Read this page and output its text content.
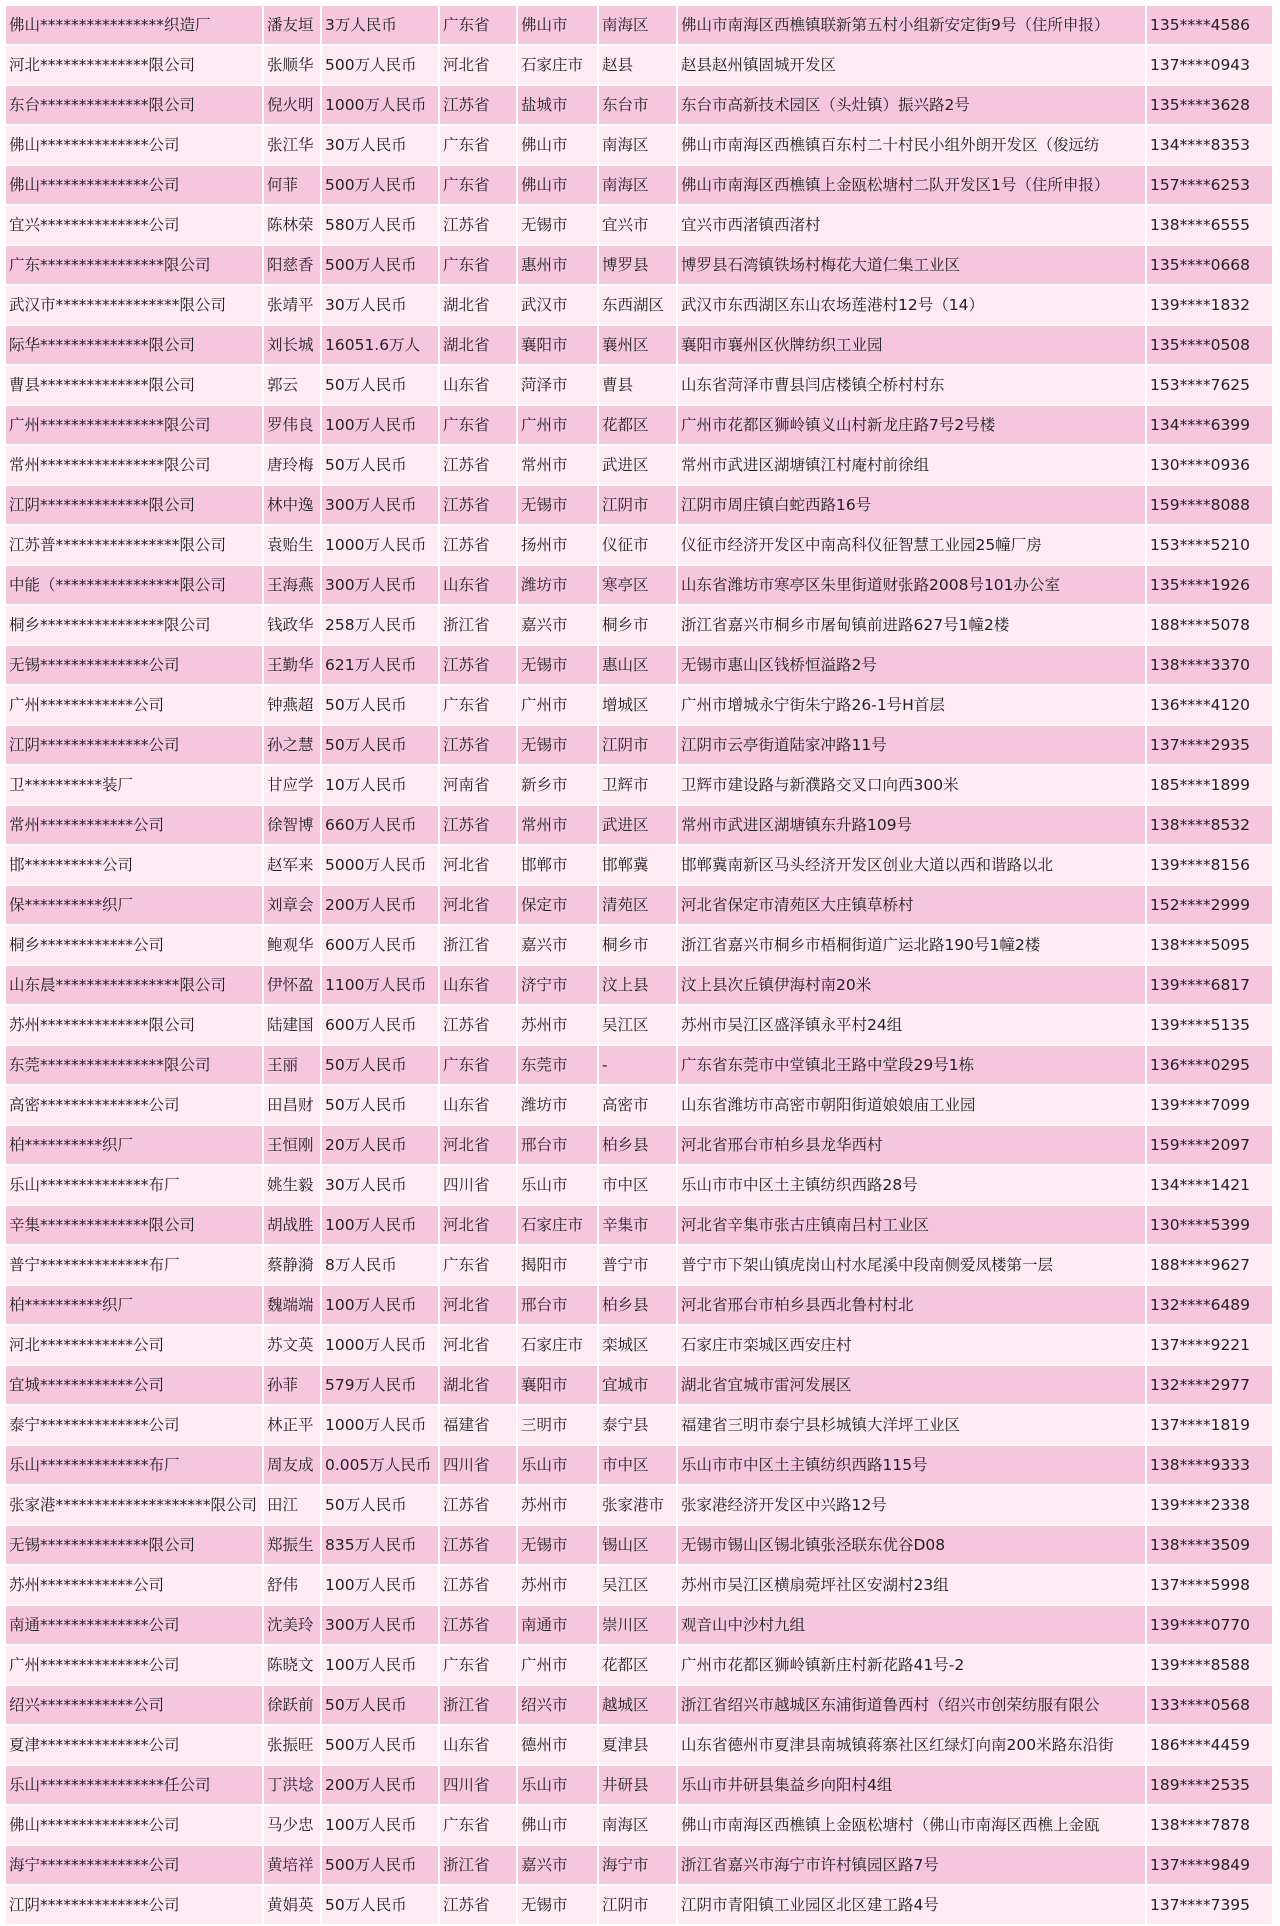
佛山****************织造厂	潘友垣 3万人民币	广东省	佛山市	南海区	佛山市南海区西樵镇联新第五村小组新安定街9号（住所申报）	135****4586
河北**************限公司	张顺华 500万人民币	河北省	石家庄市	赵县	赵县赵州镇固城开发区	137****0943
东台**************限公司	倪火明 1000万人民币	江苏省	盐城市	东台市	东台市高新技术园区（头灶镇）振兴路2号	135****3628
佛山**************公司	张江华 30万人民币	广东省	佛山市	南海区	佛山市南海区西樵镇百东村二十村民小组外朗开发区（俊远纺	134****8353
佛山**************公司	何菲	500万人民币	广东省	佛山市	南海区	佛山市南海区西樵镇上金瓯松塘村二队开发区1号（住所申报）	157****6253
宜兴**************公司	陈林荣 580万人民币	江苏省	无锡市	宜兴市	宜兴市西渚镇西渚村	138****6555
广东****************限公司	阳慈香 500万人民币	广东省	惠州市	博罗县	博罗县石湾镇铁场村梅花大道仁集工业区	135****0668
武汉市****************限公司	张靖平 30万人民币	湖北省	武汉市	东西湖区	武汉市东西湖区东山农场莲港村12号（14）	139****1832
际华**************限公司	刘长城 16051.6万人	湖北省	襄阳市	襄州区	襄阳市襄州区伙牌纺织工业园	135****0508
曹县**************限公司	郭云	50万人民币	山东省	菏泽市	曹县	山东省菏泽市曹县闫店楼镇仝桥村村东	153****7625
广州****************限公司	罗伟良 100万人民币	广东省	广州市	花都区	广州市花都区狮岭镇义山村新龙庄路7号2号楼	134****6399
常州****************限公司	唐玲梅 50万人民币	江苏省	常州市	武进区	常州市武进区湖塘镇江村庵村前徐组	130****0936
江阴**************限公司	林中逸 300万人民币	江苏省	无锡市	江阴市	江阴市周庄镇白蛇西路16号	159****8088
江苏普****************限公司	袁贻生 1000万人民币	江苏省	扬州市	仪征市	仪征市经济开发区中南高科仪征智慧工业园25幢厂房	153****5210
中能（****************限公司	王海燕 300万人民币	山东省	潍坊市	寒亭区	山东省潍坊市寒亭区朱里街道财张路2008号101办公室	135****1926
桐乡****************限公司	钱政华 258万人民币	浙江省	嘉兴市	桐乡市	浙江省嘉兴市桐乡市屠甸镇前进路627号1幢2楼	188****5078
无锡**************公司	王勤华 621万人民币	江苏省	无锡市	惠山区	无锡市惠山区钱桥恒溢路2号	138****3370
广州************公司	钟燕超 50万人民币	广东省	广州市	增城区	广州市增城永宁街朱宁路26-1号H首层	136****4120
江阴**************公司	孙之慧 50万人民币	江苏省	无锡市	江阴市	江阴市云亭街道陆家冲路11号	137****2935
卫**********装厂	甘应学 10万人民币	河南省	新乡市	卫辉市	卫辉市建设路与新濮路交叉口向西300米	185****1899
常州************公司	徐智博 660万人民币	江苏省	常州市	武进区	常州市武进区湖塘镇东升路109号	138****8532
邯**********公司	赵军来 5000万人民币	河北省	邯郸市	邯郸冀	邯郸冀南新区马头经济开发区创业大道以西和谐路以北	139****8156
保**********织厂	刘章会 200万人民币	河北省	保定市	清苑区	河北省保定市清苑区大庄镇草桥村	152****2999
桐乡************公司	鲍观华 600万人民币	浙江省	嘉兴市	桐乡市	浙江省嘉兴市桐乡市梧桐街道广运北路190号1幢2楼	138****5095
山东晨****************限公司	伊怀盈 1100万人民币	山东省	济宁市	汶上县	汶上县次丘镇伊海村南20米	139****6817
苏州**************限公司	陆建国 600万人民币	江苏省	苏州市	吴江区	苏州市吴江区盛泽镇永平村24组	139****5135
东莞****************限公司	王丽	50万人民币	广东省	东莞市	-	广东省东莞市中堂镇北王路中堂段29号1栋	136****0295
高密**************公司	田昌财 50万人民币	山东省	潍坊市	高密市	山东省潍坊市高密市朝阳街道娘娘庙工业园	139****7099
柏**********织厂	王恒刚 20万人民币	河北省	邢台市	柏乡县	河北省邢台市柏乡县龙华西村	159****2097
乐山**************布厂	姚生毅 30万人民币	四川省	乐山市	市中区	乐山市市中区土主镇纺织西路28号	134****1421
辛集**************限公司	胡战胜 100万人民币	河北省	石家庄市	辛集市	河北省辛集市张古庄镇南吕村工业区	130****5399
普宁**************布厂	蔡静漪 8万人民币	广东省	揭阳市	普宁市	普宁市下架山镇虎岗山村水尾溪中段南侧爱凤楼第一层	188****9627
柏**********织厂	魏端端 100万人民币	河北省	邢台市	柏乡县	河北省邢台市柏乡县西北鲁村村北	132****6489
河北************公司	苏文英 1000万人民币	河北省	石家庄市	栾城区	石家庄市栾城区西安庄村	137****9221
宜城************公司	孙菲	579万人民币	湖北省	襄阳市	宜城市	湖北省宜城市雷河发展区	132****2977
泰宁**************公司	林正平 1000万人民币	福建省	三明市	泰宁县	福建省三明市泰宁县杉城镇大洋坪工业区	137****1819
乐山**************布厂	周友成 0.005万人民币 四川省	乐山市	市中区	乐山市市中区土主镇纺织西路115号	138****9333
张家港********************限公司 田江	50万人民币	江苏省	苏州市	张家港市	张家港经济开发区中兴路12号	139****2338
无锡**************限公司	郑振生 835万人民币	江苏省	无锡市	锡山区	无锡市锡山区锡北镇张泾联东优谷D08	138****3509
苏州************公司	舒伟	100万人民币	江苏省	苏州市	吴江区	苏州市吴江区横扇菀坪社区安湖村23组	137****5998
南通**************公司	沈美玲 300万人民币	江苏省	南通市	崇川区	观音山中沙村九组	139****0770
广州**************公司	陈晓文 100万人民币	广东省	广州市	花都区	广州市花都区狮岭镇新庄村新花路41号-2	139****8588
绍兴************公司	徐跃前 50万人民币	浙江省	绍兴市	越城区	浙江省绍兴市越城区东浦街道鲁西村（绍兴市创荣纺服有限公	133****0568
夏津**************公司	张振旺 500万人民币	山东省	德州市	夏津县	山东省德州市夏津县南城镇蒋寨社区红绿灯向南200米路东沿街	186****4459
乐山****************任公司	丁洪埝 200万人民币	四川省	乐山市	井研县	乐山市井研县集益乡向阳村4组	189****2535
佛山**************公司	马少忠 100万人民币	广东省	佛山市	南海区	佛山市南海区西樵镇上金瓯松塘村（佛山市南海区西樵上金瓯	138****7878
海宁**************公司	黄培祥 500万人民币	浙江省	嘉兴市	海宁市	浙江省嘉兴市海宁市许村镇园区路7号	137****9849
江阴**************公司	黄娟英 50万人民币	江苏省	无锡市	江阴市	江阴市青阳镇工业园区北区建工路4号	137****7395
